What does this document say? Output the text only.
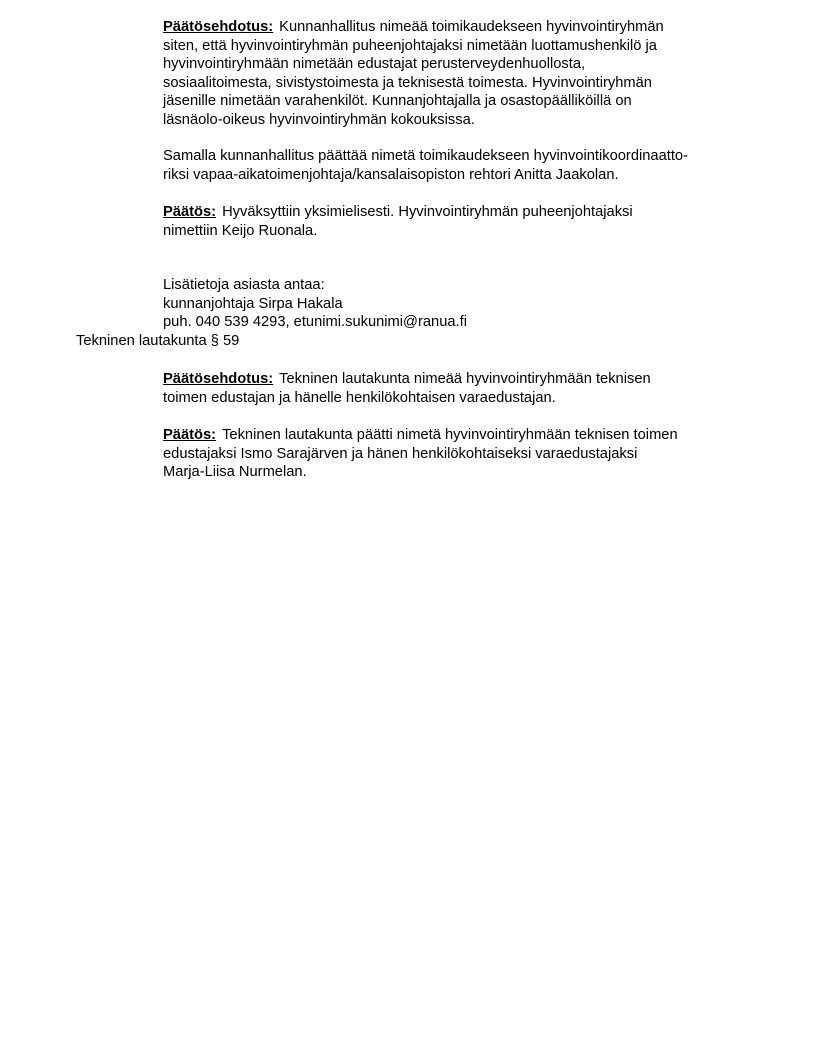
Päätösehdotus: Kunnanhallitus nimeää toimikaudekseen hyvinvointiryhmän
siten, että hyvinvointiryhmän puheenjohtajaksi nimetään luottamushenkilö ja
hyvinvointiryhmään nimetään edustajat perusterveydenhuollosta,
sosiaalitoimesta, sivistystoimesta ja teknisestä toimesta. Hyvinvointiryhmän
jäsenille nimetään varahenkilöt. Kunnanjohtajalla ja osastopäälliköillä on
läsnäolo-oikeus hyvinvointiryhmän kokouksissa.
Samalla kunnanhallitus päättää nimetä toimikaudekseen hyvinvointikoordinaatto-
riksi vapaa-aikatoimenjohtaja/kansalaisopiston rehtori Anitta Jaakolan.
Päätös: Hyväksyttiin yksimielisesti. Hyvinvointiryhmän puheenjohtajaksi
nimettiin Keijo Ruonala.
Lisätietoja asiasta antaa:
kunnanjohtaja Sirpa Hakala
puh. 040 539 4293, etunimi.sukunimi@ranua.fi
Tekninen lautakunta § 59
Päätösehdotus: Tekninen lautakunta nimeää hyvinvointiryhmään teknisen
toimen edustajan ja hänelle henkilökohtaisen varaedustajan.
Päätös: Tekninen lautakunta päätti nimetä hyvinvointiryhmään teknisen toimen
edustajaksi Ismo Sarajärven ja hänen henkilökohtaiseksi varaedustajaksi
Marja-Liisa Nurmelan.
